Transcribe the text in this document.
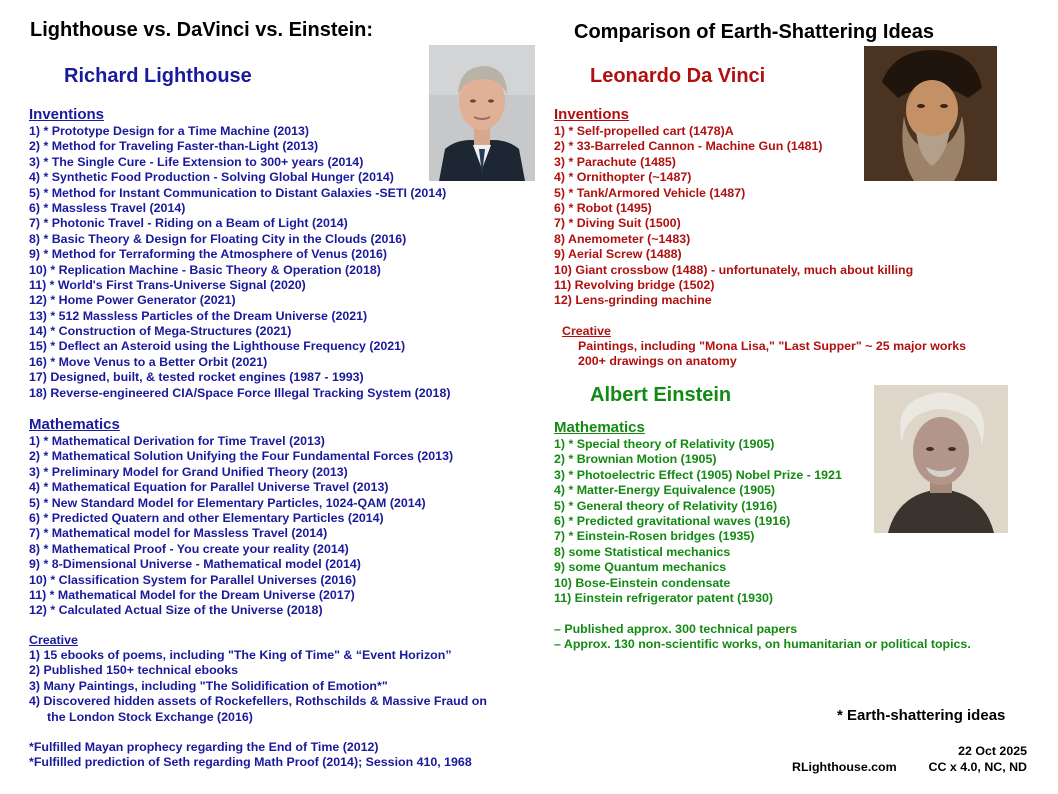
Lighthouse vs. DaVinci vs. Einstein:	Comparison of Earth-Shattering Ideas
Richard Lighthouse
Inventions
1) * Prototype Design for a Time Machine (2013)
2) * Method for Traveling Faster-than-Light (2013)
3) * The Single Cure - Life Extension to 300+ years (2014)
4) * Synthetic Food Production - Solving Global Hunger (2014)
5) * Method for Instant Communication to Distant Galaxies -SETI (2014)
6) * Massless Travel (2014)
7) * Photonic Travel - Riding on a Beam of Light (2014)
8) * Basic Theory & Design for Floating City in the Clouds (2016)
9) * Method for Terraforming the Atmosphere of Venus (2016)
10) * Replication Machine - Basic Theory & Operation (2018)
11) * World's First Trans-Universe Signal (2020)
12) * Home Power Generator (2021)
13) * 512 Massless Particles of the Dream Universe (2021)
14) * Construction of Mega-Structures (2021)
15) * Deflect an Asteroid using the Lighthouse Frequency (2021)
16) * Move Venus to a Better Orbit (2021)
17) Designed, built, & tested rocket engines (1987 - 1993)
18) Reverse-engineered CIA/Space Force Illegal Tracking System (2018)
Mathematics
1) * Mathematical Derivation for Time Travel (2013)
2) * Mathematical Solution Unifying the Four Fundamental Forces (2013)
3) * Preliminary Model for Grand Unified Theory (2013)
4) * Mathematical Equation for Parallel Universe Travel (2013)
5) * New Standard Model for Elementary Particles, 1024-QAM (2014)
6) * Predicted Quatern and other Elementary Particles (2014)
7) * Mathematical model for Massless Travel (2014)
8) * Mathematical Proof - You create your reality (2014)
9) * 8-Dimensional Universe - Mathematical model (2014)
10) * Classification System for Parallel Universes (2016)
11) * Mathematical Model for the Dream Universe (2017)
12) * Calculated Actual Size of the Universe (2018)
Creative
1) 15 ebooks of poems, including "The King of Time" & “Event Horizon”
2) Published 150+ technical ebooks
3) Many Paintings, including "The Solidification of Emotion*"
4) Discovered hidden assets of Rockefellers, Rothschilds & Massive Fraud on
the London Stock Exchange (2016)
*Fulfilled Mayan prophecy regarding the End of Time (2012)
*Fulfilled prediction of Seth regarding Math Proof (2014); Session 410, 1968
Leonardo Da Vinci
Inventions
1) * Self-propelled cart (1478)A
2) * 33-Barreled Cannon - Machine Gun (1481)
3) * Parachute (1485)
4) * Ornithopter (~1487)
5) * Tank/Armored Vehicle (1487)
6) * Robot (1495)
7) * Diving Suit (1500)
8) Anemometer (~1483)
9) Aerial Screw (1488)
10) Giant crossbow (1488) - unfortunately, much about killing
11) Revolving bridge (1502)
12) Lens-grinding machine
Creative
Paintings, including "Mona Lisa," "Last Supper" ~ 25 major works
200+ drawings on anatomy
Albert Einstein
Mathematics
1) * Special theory of Relativity (1905)
2) * Brownian Motion (1905)
3) * Photoelectric Effect (1905) Nobel Prize - 1921
4) * Matter-Energy Equivalence (1905)
5) * General theory of Relativity (1916)
6) * Predicted gravitational waves (1916)
7) * Einstein-Rosen bridges (1935)
8) some Statistical mechanics
9) some Quantum mechanics
10) Bose-Einstein condensate
11) Einstein refrigerator patent (1930)
– Published approx. 300 technical papers
– Approx. 130 non-scientific works, on humanitarian or political topics.
* Earth-shattering ideas
22 Oct 2025
RLighthouse.com	CC x 4.0, NC, ND
